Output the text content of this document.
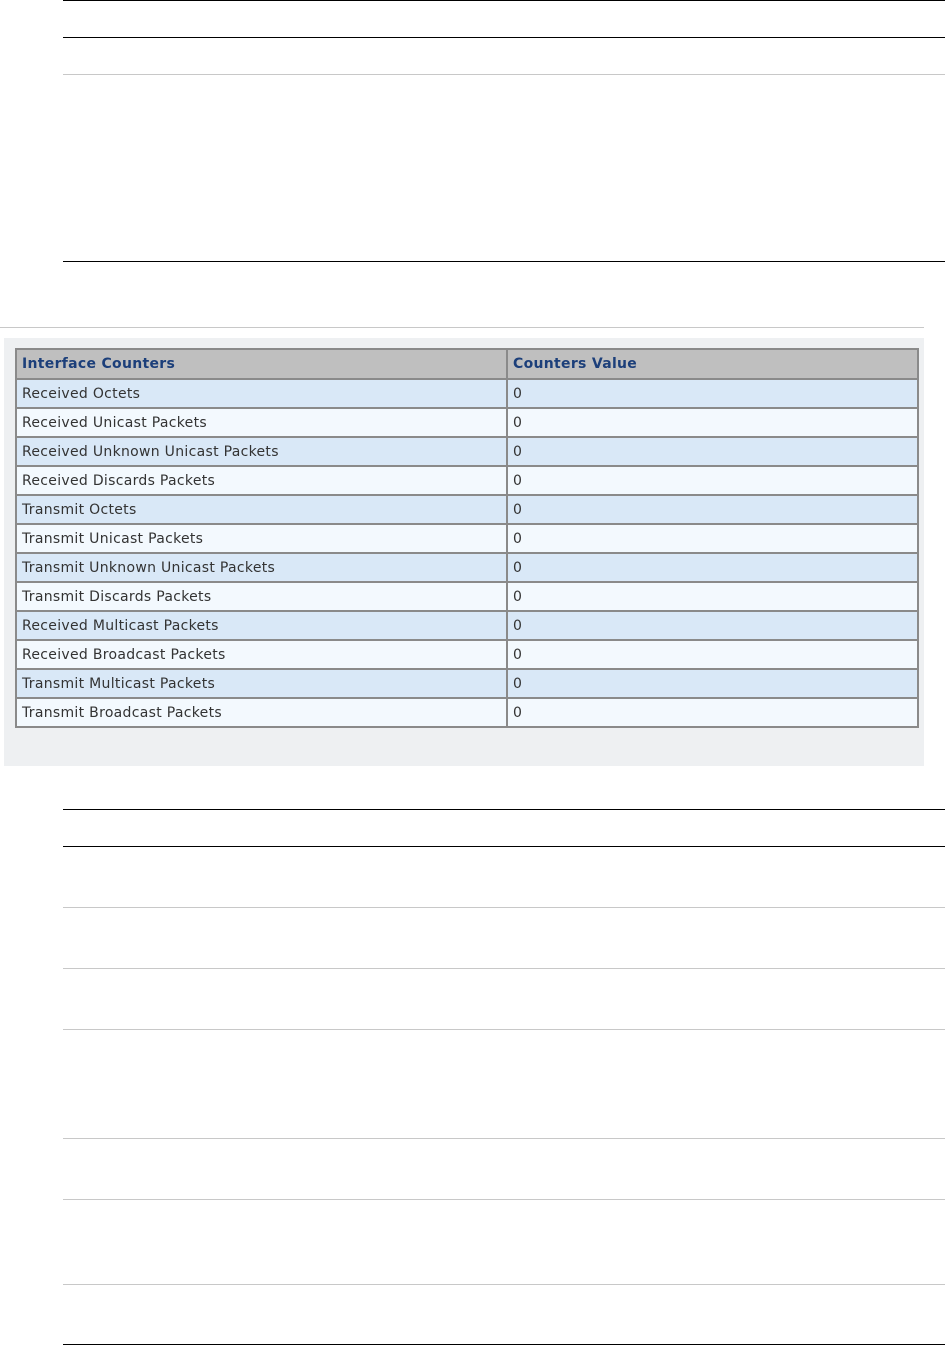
Interface Counters	Counters Value
Received Octets	0
Received Unicast Packets	0
Received Unknown Unicast Packets	0
Received Discards Packets	0
Transmit Octets	0
Transmit Unicast Packets	0
Transmit Unknown Unicast Packets	0
Transmit Discards Packets	0
Received Multicast Packets	0
Received Broadcast Packets	0
Transmit Multicast Packets	0
Transmit Broadcast Packets	0
